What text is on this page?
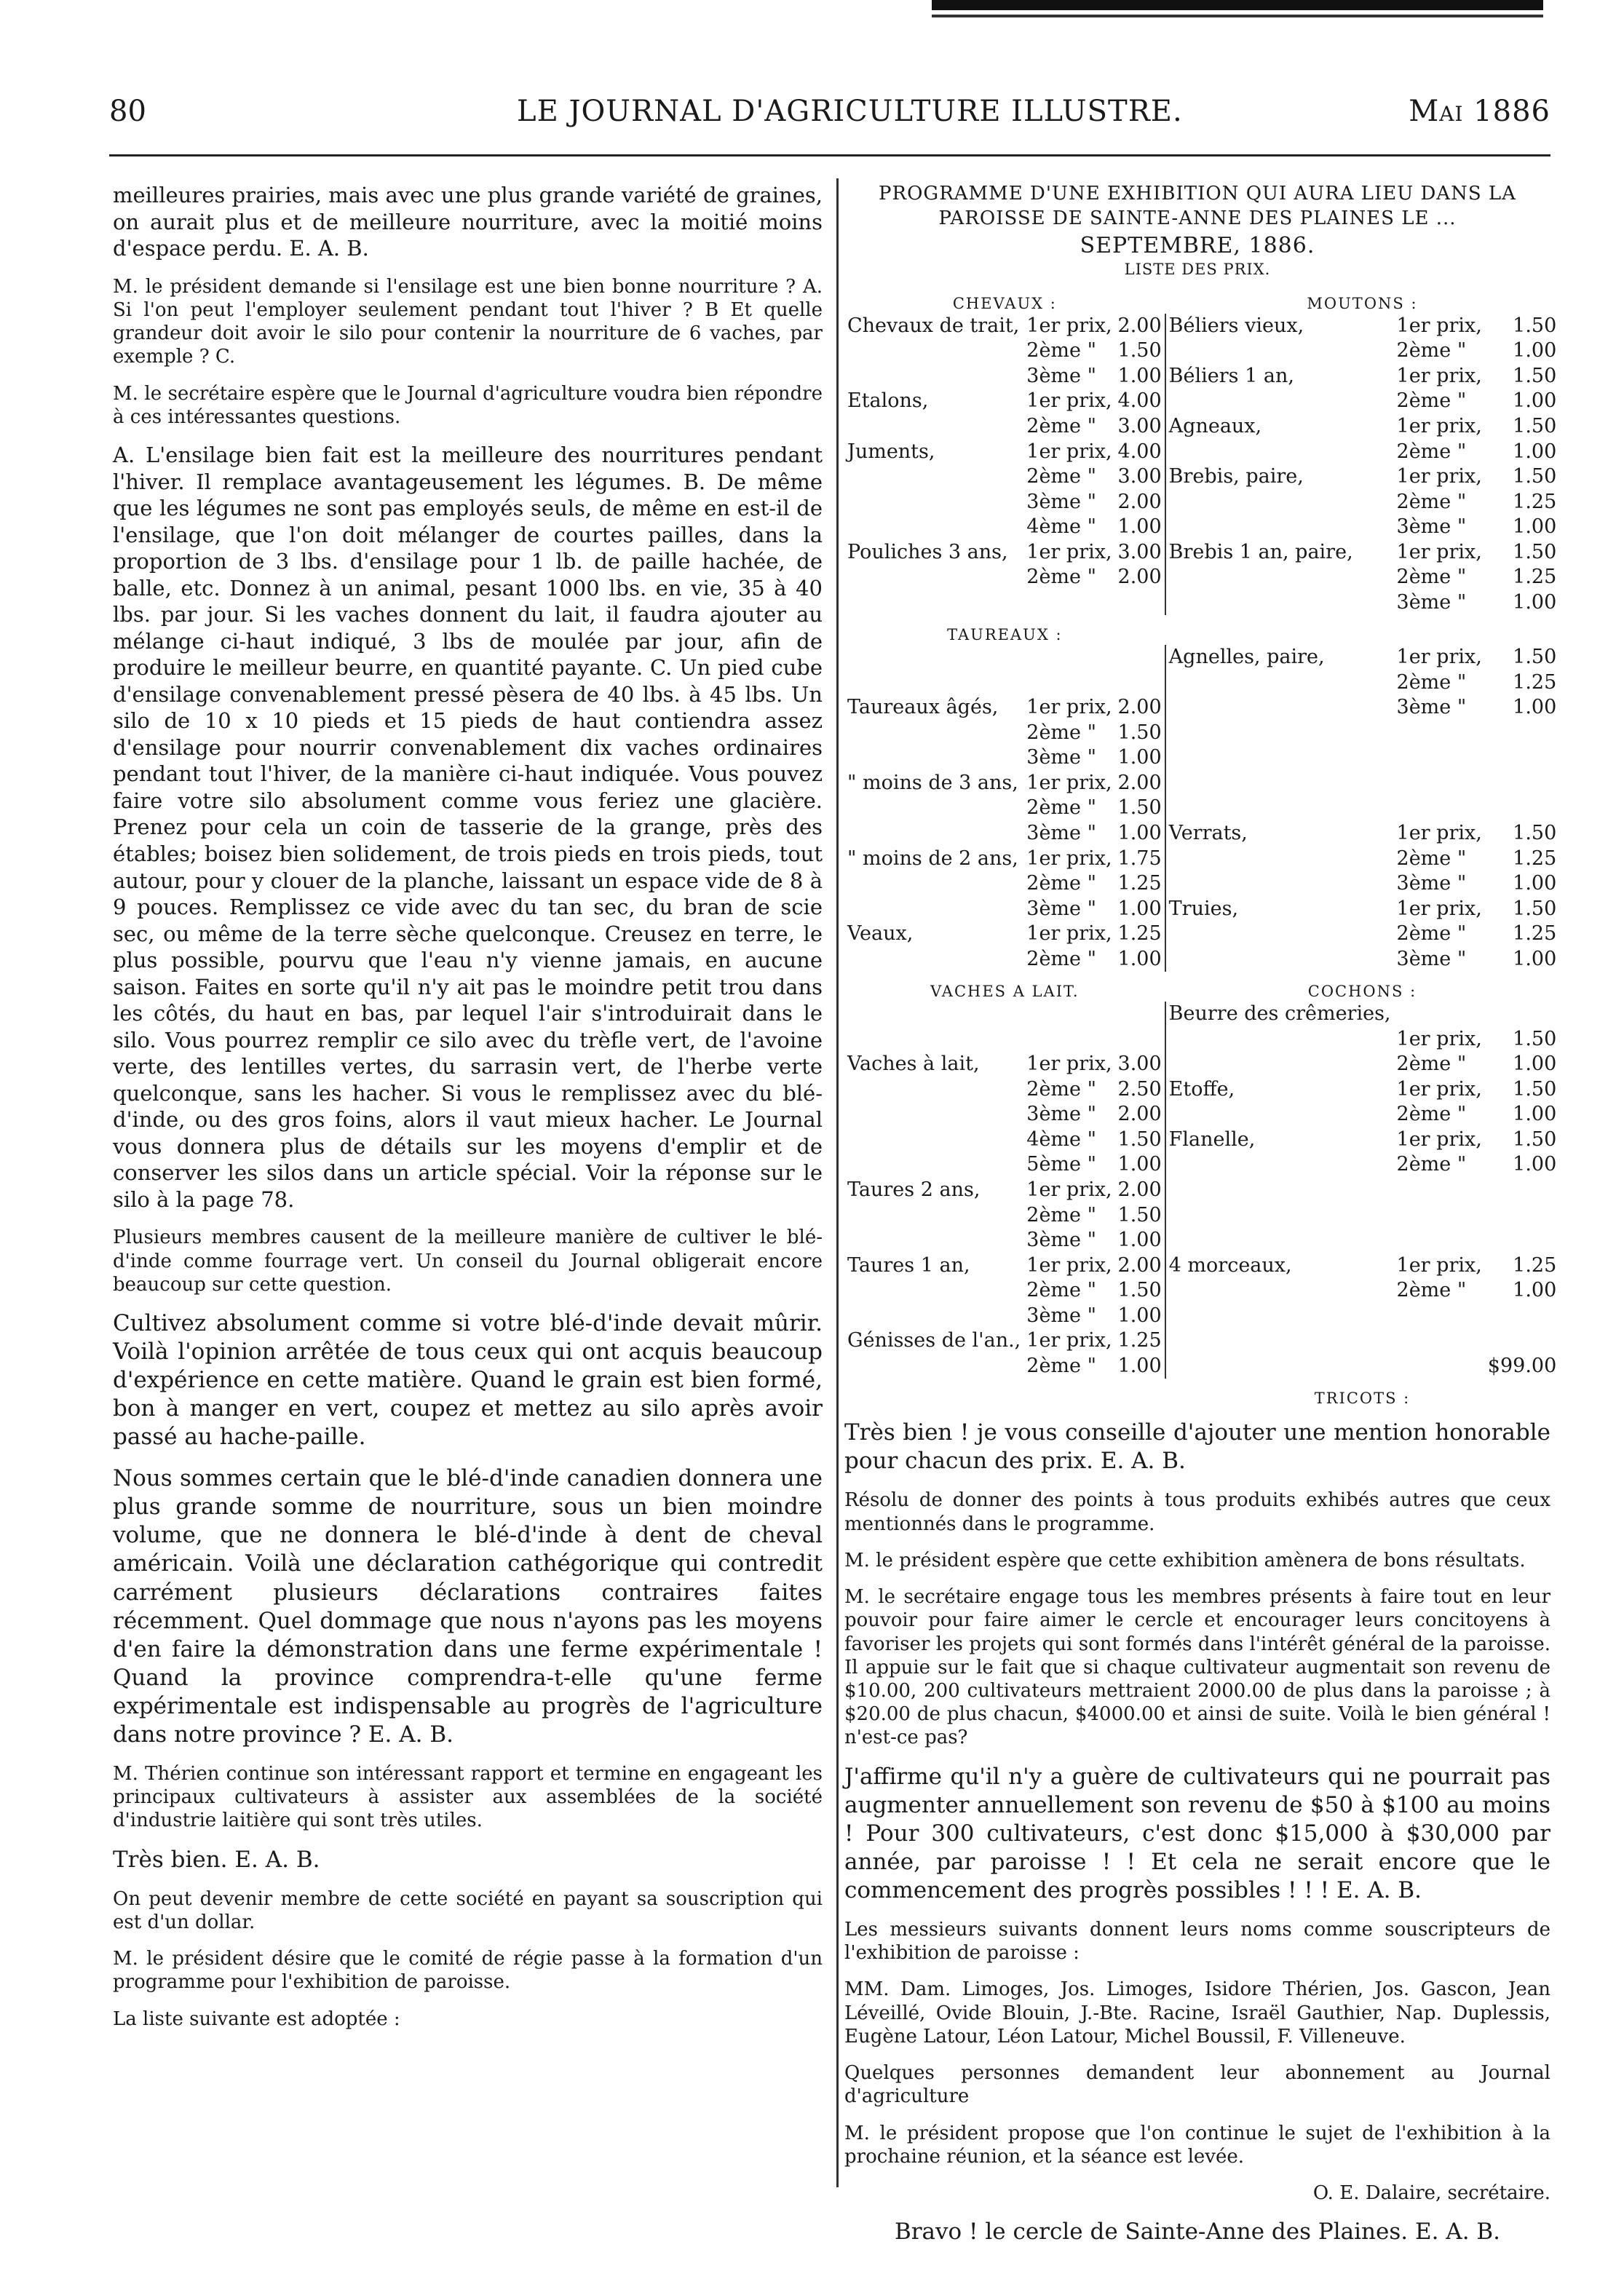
80	LE JOURNAL D'AGRICULTURE ILLUSTRE.	Mai 1886

meilleures prairies, mais avec une plus grande variété de graines, on aurait plus et de meilleure nourriture, avec la moitié moins d'espace perdu. E. A. B.

M. le président demande si l'ensilage est une bien bonne nourriture ? A. Si l'on peut l'employer seulement pendant tout l'hiver ? B Et quelle grandeur doit avoir le silo pour contenir la nourriture de 6 vaches, par exemple ? C.

M. le secrétaire espère que le Journal d'agriculture voudra bien répondre à ces intéressantes questions.

A. L'ensilage bien fait est la meilleure des nourritures pendant l'hiver. Il remplace avantageusement les légumes. B. De même que les légumes ne sont pas employés seuls, de même en est-il de l'ensilage, que l'on doit mélanger de courtes pailles, dans la proportion de 3 lbs. d'ensilage pour 1 lb. de paille hachée, de balle, etc. Donnez à un animal, pesant 1000 lbs. en vie, 35 à 40 lbs. par jour. Si les vaches donnent du lait, il faudra ajouter au mélange ci-haut indiqué, 3 lbs de moulée par jour, afin de produire le meilleur beurre, en quantité payante. C. Un pied cube d'ensilage convenablement pressé pèsera de 40 lbs. à 45 lbs. Un silo de 10 x 10 pieds et 15 pieds de haut contiendra assez d'ensilage pour nourrir convenablement dix vaches ordinaires pendant tout l'hiver, de la manière ci-haut indiquée. Vous pouvez faire votre silo absolument comme vous feriez une glacière. Prenez pour cela un coin de tasserie de la grange, près des étables; boisez bien solidement, de trois pieds en trois pieds, tout autour, pour y clouer de la planche, laissant un espace vide de 8 à 9 pouces. Remplissez ce vide avec du tan sec, du bran de scie sec, ou même de la terre sèche quelconque. Creusez en terre, le plus possible, pourvu que l'eau n'y vienne jamais, en aucune saison. Faites en sorte qu'il n'y ait pas le moindre petit trou dans les côtés, du haut en bas, par lequel l'air s'introduirait dans le silo. Vous pourrez remplir ce silo avec du trèfle vert, de l'avoine verte, des lentilles vertes, du sarrasin vert, de l'herbe verte quelconque, sans les hacher. Si vous le remplissez avec du blé-d'inde, ou des gros foins, alors il vaut mieux hacher. Le Journal vous donnera plus de détails sur les moyens d'emplir et de conserver les silos dans un article spécial. Voir la réponse sur le silo à la page 78.

Plusieurs membres causent de la meilleure manière de cultiver le blé-d'inde comme fourrage vert. Un conseil du Journal obligerait encore beaucoup sur cette question.

Cultivez absolument comme si votre blé-d'inde devait mûrir. Voilà l'opinion arrêtée de tous ceux qui ont acquis beaucoup d'expérience en cette matière. Quand le grain est bien formé, bon à manger en vert, coupez et mettez au silo après avoir passé au hache-paille.

Nous sommes certain que le blé-d'inde canadien donnera une plus grande somme de nourriture, sous un bien moindre volume, que ne donnera le blé-d'inde à dent de cheval américain. Voilà une déclaration cathégorique qui contredit carrément plusieurs déclarations contraires faites récemment. Quel dommage que nous n'ayons pas les moyens d'en faire la démonstration dans une ferme expérimentale ! Quand la province comprendra-t-elle qu'une ferme expérimentale est indispensable au progrès de l'agriculture dans notre province ? E. A. B.

M. Thérien continue son intéressant rapport et termine en engageant les principaux cultivateurs à assister aux assemblées de la société d'industrie laitière qui sont très utiles.

Très bien. E. A. B.

On peut devenir membre de cette société en payant sa souscription qui est d'un dollar.

M. le président désire que le comité de régie passe à la formation d'un programme pour l'exhibition de paroisse.

La liste suivante est adoptée :

PROGRAMME D'UNE EXHIBITION QUI AURA LIEU DANS LA
PAROISSE DE SAINTE-ANNE DES PLAINES LE ...
SEPTEMBRE, 1886.
LISTE DES PRIX.
CHEVAUX :			MOUTONS :		
Chevaux de trait,	1er prix,	2.00	Béliers vieux,	1er prix,	1.50
	2ème "	1.50		2ème "	1.00
	3ème "	1.00	Béliers 1 an,	1er prix,	1.50
Etalons,	1er prix,	4.00		2ème "	1.00
	2ème "	3.00	Agneaux,	1er prix,	1.50
Juments,	1er prix,	4.00		2ème "	1.00
	2ème "	3.00	Brebis, paire,	1er prix,	1.50
	3ème "	2.00		2ème "	1.25
	4ème "	1.00		3ème "	1.00
Pouliches 3 ans,	1er prix,	3.00	Brebis 1 an, paire,	1er prix,	1.50
	2ème "	2.00		2ème "	1.25
				3ème "	1.00
TAUREAUX :					
			Agnelles, paire,	1er prix,	1.50
				2ème "	1.25
Taureaux âgés,	1er prix,	2.00		3ème "	1.00
	2ème "	1.50			
	3ème "	1.00			
" moins de 3 ans,	1er prix,	2.00			
	2ème "	1.50			
	3ème "	1.00	Verrats,	1er prix,	1.50
" moins de 2 ans,	1er prix,	1.75		2ème "	1.25
	2ème "	1.25		3ème "	1.00
	3ème "	1.00	Truies,	1er prix,	1.50
Veaux,	1er prix,	1.25		2ème "	1.25
	2ème "	1.00		3ème "	1.00
VACHES A LAIT.			COCHONS :		
			Beurre des crêmeries,		
				1er prix,	1.50
Vaches à lait,	1er prix,	3.00		2ème "	1.00
	2ème "	2.50	Etoffe,	1er prix,	1.50
	3ème "	2.00		2ème "	1.00
	4ème "	1.50	Flanelle,	1er prix,	1.50
	5ème "	1.00		2ème "	1.00
Taures 2 ans,	1er prix,	2.00			
	2ème "	1.50			
	3ème "	1.00			
Taures 1 an,	1er prix,	2.00	4 morceaux,	1er prix,	1.25
	2ème "	1.50		2ème "	1.00
	3ème "	1.00			
Génisses de l'an.,	1er prix,	1.25			
	2ème "	1.00			$99.00
			TRICOTS :		

Très bien ! je vous conseille d'ajouter une mention honorable pour chacun des prix. E. A. B.

Résolu de donner des points à tous produits exhibés autres que ceux mentionnés dans le programme.

M. le président espère que cette exhibition amènera de bons résultats.

M. le secrétaire engage tous les membres présents à faire tout en leur pouvoir pour faire aimer le cercle et encourager leurs concitoyens à favoriser les projets qui sont formés dans l'intérêt général de la paroisse. Il appuie sur le fait que si chaque cultivateur augmentait son revenu de $10.00, 200 cultivateurs mettraient 2000.00 de plus dans la paroisse ; à $20.00 de plus chacun, $4000.00 et ainsi de suite. Voilà le bien général ! n'est-ce pas?

J'affirme qu'il n'y a guère de cultivateurs qui ne pourrait pas augmenter annuellement son revenu de $50 à $100 au moins ! Pour 300 cultivateurs, c'est donc $15,000 à $30,000 par année, par paroisse ! ! Et cela ne serait encore que le commencement des progrès possibles ! ! ! E. A. B.

Les messieurs suivants donnent leurs noms comme souscripteurs de l'exhibition de paroisse :

MM. Dam. Limoges, Jos. Limoges, Isidore Thérien, Jos. Gascon, Jean Léveillé, Ovide Blouin, J.-Bte. Racine, Israël Gauthier, Nap. Duplessis, Eugène Latour, Léon Latour, Michel Boussil, F. Villeneuve.

Quelques personnes demandent leur abonnement au Journal d'agriculture

M. le président propose que l'on continue le sujet de l'exhibition à la prochaine réunion, et la séance est levée.

O. E. Dalaire, secrétaire.

Bravo ! le cercle de Sainte-Anne des Plaines. E. A. B.
